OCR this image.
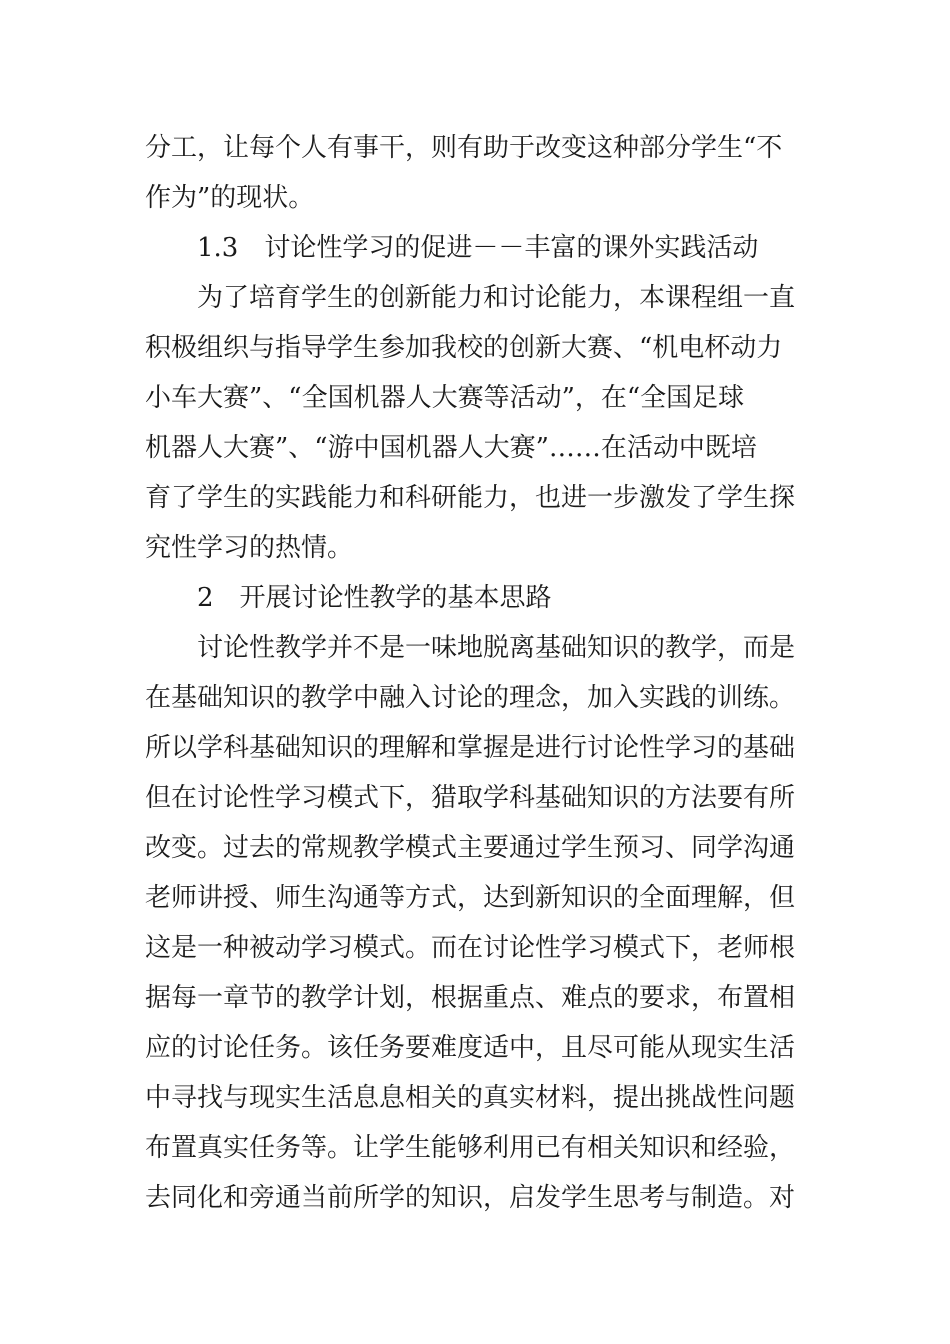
分工，让每个人有事干，则有助于改变这种部分学生“不

作为”的现状。

1.3　讨论性学习的促进－－丰富的课外实践活动

为了培育学生的创新能力和讨论能力，本课程组一直

积极组织与指导学生参加我校的创新大赛、“机电杯动力

小车大赛”、“全国机器人大赛等活动”，在“全国足球

机器人大赛”、“游中国机器人大赛”……在活动中既培

育了学生的实践能力和科研能力，也进一步激发了学生探

究性学习的热情。

2　开展讨论性教学的基本思路

讨论性教学并不是一味地脱离基础知识的教学，而是

在基础知识的教学中融入讨论的理念，加入实践的训练。

所以学科基础知识的理解和掌握是进行讨论性学习的基础

但在讨论性学习模式下，猎取学科基础知识的方法要有所

改变。过去的常规教学模式主要通过学生预习、同学沟通

老师讲授、师生沟通等方式，达到新知识的全面理解，但

这是一种被动学习模式。而在讨论性学习模式下，老师根

据每一章节的教学计划，根据重点、难点的要求，布置相

应的讨论任务。该任务要难度适中，且尽可能从现实生活

中寻找与现实生活息息相关的真实材料，提出挑战性问题

布置真实任务等。让学生能够利用已有相关知识和经验，

去同化和旁通当前所学的知识，启发学生思考与制造。对
